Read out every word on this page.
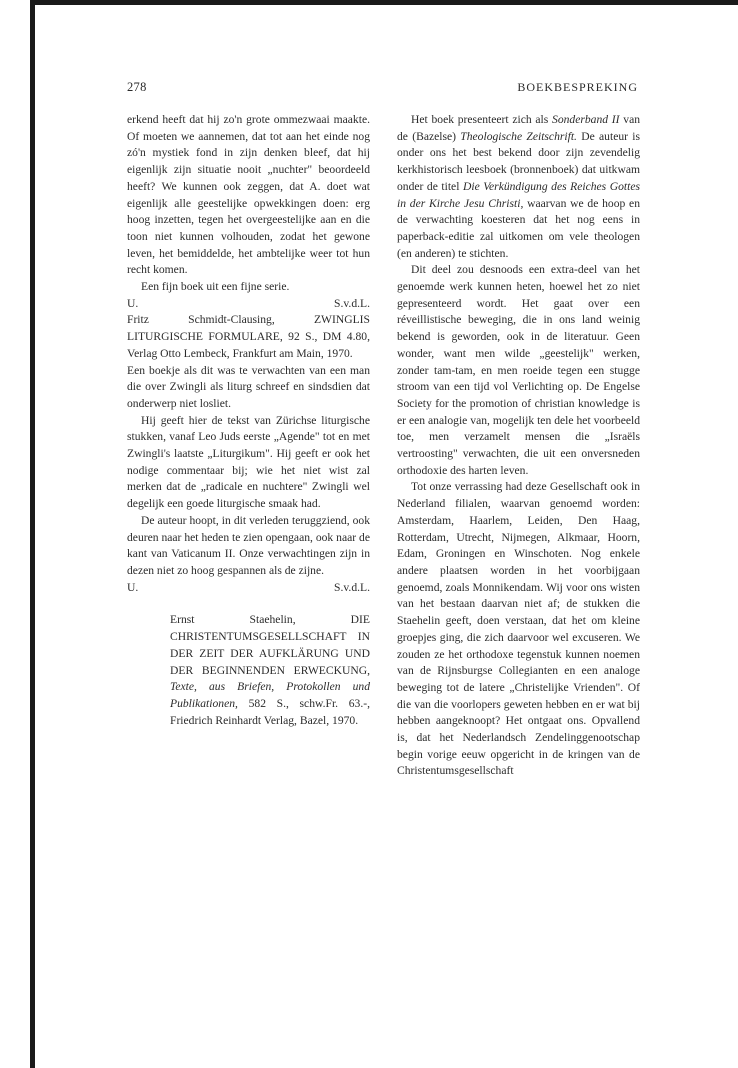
278	BOEKBESPREKING

erkend heeft dat hij zo'n grote ommezwaai maakte. Of moeten we aannemen, dat tot aan het einde nog zó'n mystiek fond in zijn denken bleef, dat hij eigenlijk zijn situatie nooit „nuchter" beoordeeld heeft? We kunnen ook zeggen, dat A. doet wat eigenlijk alle geestelijke opwekkingen doen: erg hoog inzetten, tegen het overgeestelijke aan en die toon niet kunnen volhouden, zodat het gewone leven, het bemiddelde, het ambtelijke weer tot hun recht komen.

Een fijn boek uit een fijne serie.

U.	S.v.d.L.

Fritz Schmidt-Clausing, ZWINGLIS LITURGISCHE FORMULARE, 92 S., DM 4.80, Verlag Otto Lembeck, Frankfurt am Main, 1970.

Een boekje als dit was te verwachten van een man die over Zwingli als liturg schreef en sindsdien dat onderwerp niet losliet.

Hij geeft hier de tekst van Zürichse liturgische stukken, vanaf Leo Juds eerste „Agende" tot en met Zwingli's laatste „Liturgikum". Hij geeft er ook het nodige commentaar bij; wie het niet wist zal merken dat de „radicale en nuchtere" Zwingli wel degelijk een goede liturgische smaak had.

De auteur hoopt, in dit verleden teruggziend, ook deuren naar het heden te zien opengaan, ook naar de kant van Vaticanum II. Onze verwachtingen zijn in dezen niet zo hoog gespannen als de zijne.

U.	S.v.d.L.

Ernst Staehelin, DIE CHRISTENTUMSGESELLSCHAFT IN DER ZEIT DER AUFKLÄRUNG UND DER BEGINNENDEN ERWECKUNG, Texte, aus Briefen, Protokollen und Publikationen, 582 S., schw.Fr. 63.-, Friedrich Reinhardt Verlag, Bazel, 1970.

Het boek presenteert zich als Sonderband II van de (Bazelse) Theologische Zeitschrift. De auteur is onder ons het best bekend door zijn zevendelig kerkhistorisch leesboek (bronnenboek) dat uitkwam onder de titel Die Verkündigung des Reiches Gottes in der Kirche Jesu Christi, waarvan we de hoop en de verwachting koesteren dat het nog eens in paperback-editie zal uitkomen om vele theologen (en anderen) te stichten.

Dit deel zou desnoods een extra-deel van het genoemde werk kunnen heten, hoewel het zo niet gepresenteerd wordt. Het gaat over een réveillistische beweging, die in ons land weinig bekend is geworden, ook in de literatuur. Geen wonder, want men wilde „geestelijk" werken, zonder tam-tam, en men roeide tegen een stugge stroom van een tijd vol Verlichting op. De Engelse Society for the promotion of christian knowledge is er een analogie van, mogelijk ten dele het voorbeeld toe, men verzamelt mensen die „Israëls vertroosting" verwachten, die uit een onversneden orthodoxie des harten leven.

Tot onze verrassing had deze Gesellschaft ook in Nederland filialen, waarvan genoemd worden: Amsterdam, Haarlem, Leiden, Den Haag, Rotterdam, Utrecht, Nijmegen, Alkmaar, Hoorn, Edam, Groningen en Winschoten. Nog enkele andere plaatsen worden in het voorbijgaan genoemd, zoals Monnikendam. Wij voor ons wisten van het bestaan daarvan niet af; de stukken die Staehelin geeft, doen verstaan, dat het om kleine groepjes ging, die zich daarvoor wel excuseren. We zouden ze het orthodoxe tegenstuk kunnen noemen van de Rijnsburgse Collegianten en een analoge beweging tot de latere „Christelijke Vrienden". Of die van die voorlopers geweten hebben en er wat bij hebben aangeknoopt? Het ontgaat ons. Opvallend is, dat het Nederlandsch Zendelinggenootschap begin vorige eeuw opgericht in de kringen van de Christentumsgesellschaft
